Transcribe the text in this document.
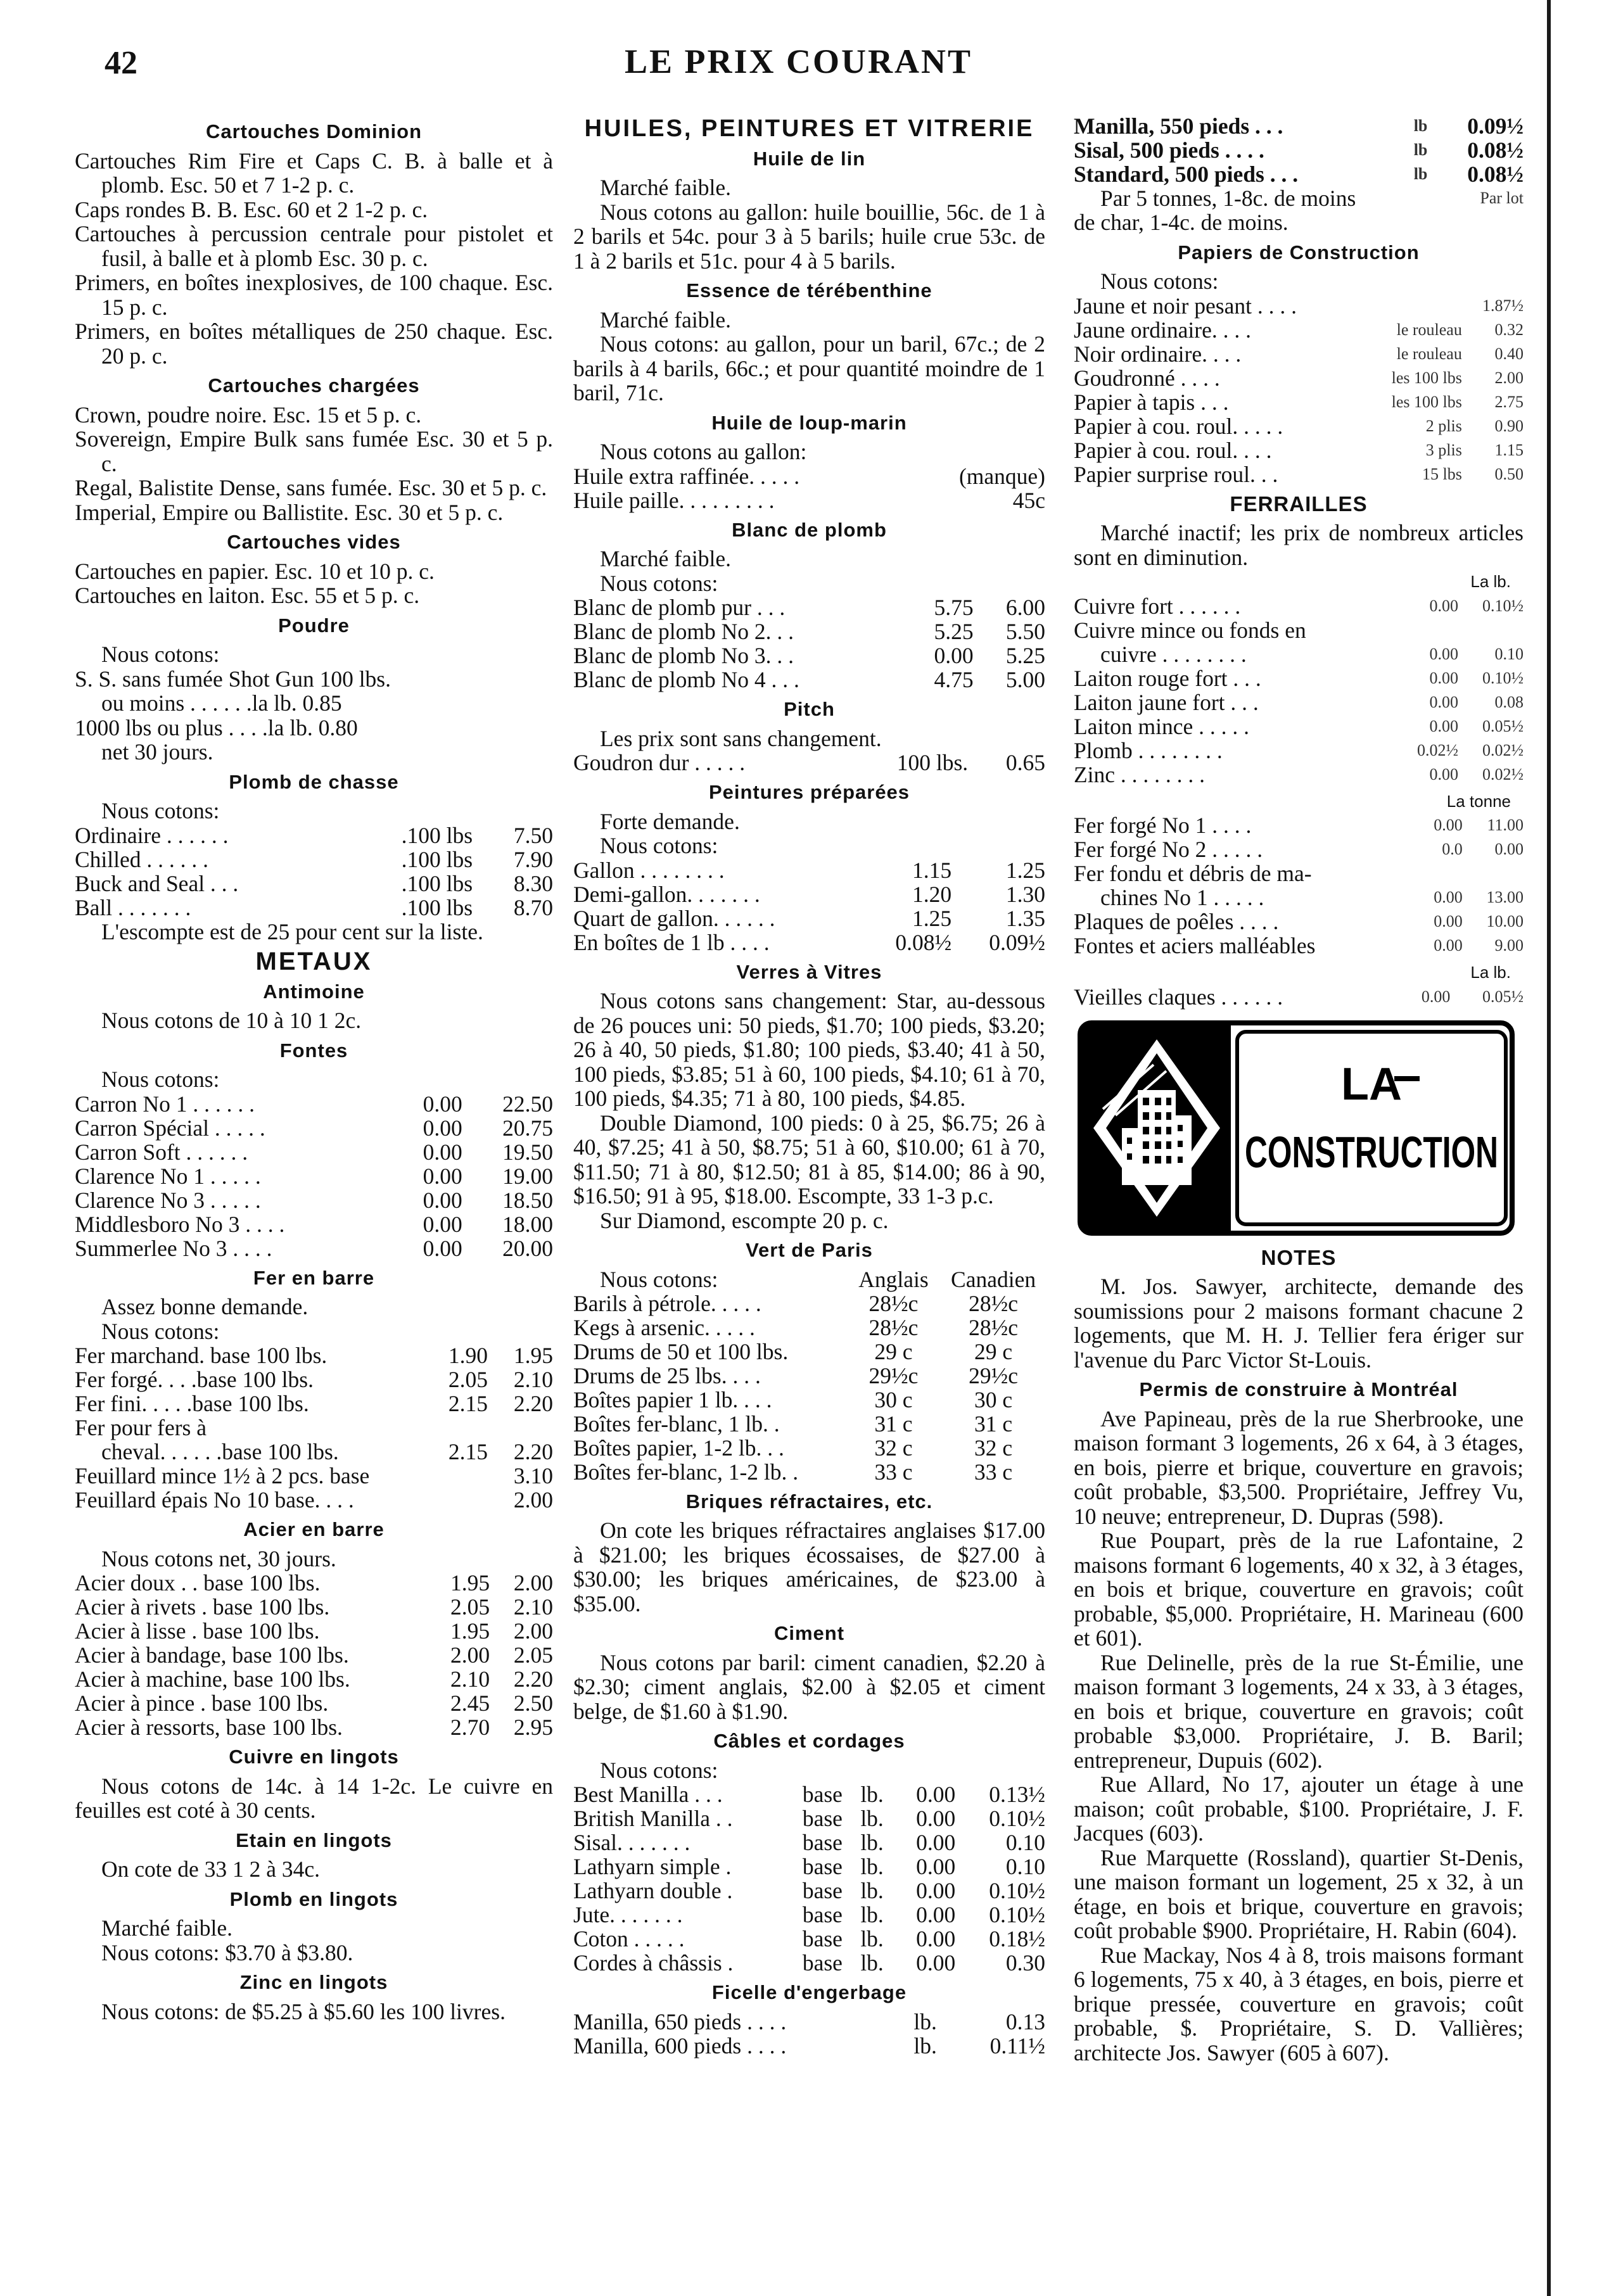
42	LE PRIX COURANT
Cartouches Dominion

Cartouches Rim Fire et Caps C. B. à balle et à plomb. Esc. 50 et 7 1-2 p. c.

Caps rondes B. B. Esc. 60 et 2 1-2 p. c.

Cartouches à percussion centrale pour pistolet et fusil, à balle et à plomb Esc. 30 p. c.

Primers, en boîtes inexplosives, de 100 chaque. Esc. 15 p. c.

Primers, en boîtes métalliques de 250 chaque. Esc. 20 p. c.

Cartouches chargées

Crown, poudre noire. Esc. 15 et 5 p. c.

Sovereign, Empire Bulk sans fumée Esc. 30 et 5 p. c.

Regal, Balistite Dense, sans fumée. Esc. 30 et 5 p. c.

Imperial, Empire ou Ballistite. Esc. 30 et 5 p. c.

Cartouches vides

Cartouches en papier. Esc. 10 et 10 p. c.

Cartouches en laiton. Esc. 55 et 5 p. c.

Poudre

Nous cotons:

S. S. sans fumée Shot Gun 100 lbs.

ou moins . . . . . .la lb. 0.85

1000 lbs ou plus . . . .la lb. 0.80

net 30 jours.

Plomb de chasse

Nous cotons:

Ordinaire . . . . . .	.100 lbs	7.50
Chilled . . . . . .	.100 lbs	7.90
Buck and Seal . . .	.100 lbs	8.30
Ball . . . . . . .	.100 lbs	8.70

L'escompte est de 25 pour cent sur la liste.

METAUX
Antimoine

Nous cotons de 10 à 10 1 2c.

Fontes

Nous cotons:

Carron No 1 . . . . . .	0.00	22.50
Carron Spécial . . . . .	0.00	20.75
Carron Soft . . . . . .	0.00	19.50
Clarence No 1 . . . . .	0.00	19.00
Clarence No 3 . . . . .	0.00	18.50
Middlesboro No 3 . . . .	0.00	18.00
Summerlee No 3 . . . .	0.00	20.00
Fer en barre

Assez bonne demande.

Nous cotons:

Fer marchand. base 100 lbs.	1.90	1.95
Fer forgé. . . .base 100 lbs.	2.05	2.10
Fer fini. . . . .base 100 lbs.	2.15	2.20
Fer pour fers à		
cheval. . . . . .base 100 lbs.	2.15	2.20
Feuillard mince 1½ à 2 pcs. base		3.10
Feuillard épais No 10 base. . . .		2.00
Acier en barre

Nous cotons net, 30 jours.

Acier doux . . base 100 lbs.	1.95	2.00
Acier à rivets . base 100 lbs.	2.05	2.10
Acier à lisse . base 100 lbs.	1.95	2.00
Acier à bandage, base 100 lbs.	2.00	2.05
Acier à machine, base 100 lbs.	2.10	2.20
Acier à pince . base 100 lbs.	2.45	2.50
Acier à ressorts, base 100 lbs.	2.70	2.95
Cuivre en lingots

Nous cotons de 14c. à 14 1-2c. Le cuivre en feuilles est coté à 30 cents.

Etain en lingots

On cote de 33 1 2 à 34c.

Plomb en lingots

Marché faible.

Nous cotons: $3.70 à $3.80.

Zinc en lingots

Nous cotons: de $5.25 à $5.60 les 100 livres.

HUILES, PEINTURES ET VITRERIE
Huile de lin

Marché faible.

Nous cotons au gallon: huile bouillie, 56c. de 1 à 2 barils et 54c. pour 3 à 5 barils; huile crue 53c. de 1 à 2 barils et 51c. pour 4 à 5 barils.

Essence de térébenthine

Marché faible.

Nous cotons: au gallon, pour un baril, 67c.; de 2 barils à 4 barils, 66c.; et pour quantité moindre de 1 baril, 71c.

Huile de loup-marin

Nous cotons au gallon:

Huile extra raffinée. . . . .	(manque)
Huile paille. . . . . . . . .	45c
Blanc de plomb

Marché faible.

Nous cotons:

Blanc de plomb pur . . .	5.75	6.00
Blanc de plomb No 2. . .	5.25	5.50
Blanc de plomb No 3. . .	0.00	5.25
Blanc de plomb No 4 . . .	4.75	5.00
Pitch

Les prix sont sans changement.

Goudron dur . . . . .	100 lbs.	0.65
Peintures préparées

Forte demande.

Nous cotons:

Gallon . . . . . . . .	1.15	1.25
Demi-gallon. . . . . . .	1.20	1.30
Quart de gallon. . . . . .	1.25	1.35
En boîtes de 1 lb . . . .	0.08½	0.09½
Verres à Vitres

Nous cotons sans changement: Star, au-dessous de 26 pouces uni: 50 pieds, $1.70; 100 pieds, $3.20; 26 à 40, 50 pieds, $1.80; 100 pieds, $3.40; 41 à 50, 100 pieds, $3.85; 51 à 60, 100 pieds, $4.10; 61 à 70, 100 pieds, $4.35; 71 à 80, 100 pieds, $4.85.

Double Diamond, 100 pieds: 0 à 25, $6.75; 26 à 40, $7.25; 41 à 50, $8.75; 51 à 60, $10.00; 61 à 70, $11.50; 71 à 80, $12.50; 81 à 85, $14.00; 86 à 90, $16.50; 91 à 95, $18.00. Escompte, 33 1-3 p.c.

Sur Diamond, escompte 20 p. c.

Vert de Paris
Nous cotons:	Anglais	Canadien
Barils à pétrole. . . . .	28½c	28½c
Kegs à arsenic. . . . .	28½c	28½c
Drums de 50 et 100 lbs.	29 c	29 c
Drums de 25 lbs. . . .	29½c	29½c
Boîtes papier 1 lb. . . .	30 c	30 c
Boîtes fer-blanc, 1 lb. .	31 c	31 c
Boîtes papier, 1-2 lb. . .	32 c	32 c
Boîtes fer-blanc, 1-2 lb. .	33 c	33 c
Briques réfractaires, etc.

On cote les briques réfractaires anglaises $17.00 à $21.00; les briques écossaises, de $27.00 à $30.00; les briques américaines, de $23.00 à $35.00.

Ciment

Nous cotons par baril: ciment canadien, $2.20 à $2.30; ciment anglais, $2.00 à $2.05 et ciment belge, de $1.60 à $1.90.

Câbles et cordages

Nous cotons:

Best Manilla . . .	base	lb.	0.00	0.13½
British Manilla . .	base	lb.	0.00	0.10½
Sisal. . . . . . .	base	lb.	0.00	0.10
Lathyarn simple .	base	lb.	0.00	0.10
Lathyarn double .	base	lb.	0.00	0.10½
Jute. . . . . . .	base	lb.	0.00	0.10½
Coton . . . . .	base	lb.	0.00	0.18½
Cordes à châssis .	base	lb.	0.00	0.30
Ficelle d'engerbage
Manilla, 650 pieds . . . .	lb.	0.13
Manilla, 600 pieds . . . .	lb.	0.11½
Manilla, 550 pieds . . .	lb	0.09½
Sisal, 500 pieds . . . .	lb	0.08½
Standard, 500 pieds . . .	lb	0.08½
Par 5 tonnes, 1-8c. de moins	Par lot

de char, 1-4c. de moins.

Papiers de Construction

Nous cotons:

Jaune et noir pesant . . . .		1.87½
Jaune ordinaire. . . .	le rouleau	0.32
Noir ordinaire. . . .	le rouleau	0.40
Goudronné . . . .	les 100 lbs	2.00
Papier à tapis . . .	les 100 lbs	2.75
Papier à cou. roul. . . . .	2 plis	0.90
Papier à cou. roul. . . .	3 plis	1.15
Papier surprise roul. . .	15 lbs	0.50
FERRAILLES

Marché inactif; les prix de nombreux articles sont en diminution.

La lb.

Cuivre fort . . . . . .	0.00	0.10½
Cuivre mince ou fonds en		
cuivre . . . . . . . .	0.00	0.10
Laiton rouge fort . . .	0.00	0.10½
Laiton jaune fort . . .	0.00	0.08
Laiton mince . . . . .	0.00	0.05½
Plomb . . . . . . . .	0.02½	0.02½
Zinc . . . . . . . .	0.00	0.02½

La tonne

Fer forgé No 1 . . . .	0.00	11.00
Fer forgé No 2 . . . . .	0.0	0.00
Fer fondu et débris de ma-		
chines No 1 . . . . .	0.00	13.00
Plaques de poêles . . . .	0.00	10.00
Fontes et aciers malléables	0.00	9.00

La lb.

Vieilles claques . . . . . .	0.00	0.05½
LA
CONSTRUCTION
NOTES

M. Jos. Sawyer, architecte, demande des soumissions pour 2 maisons formant chacune 2 logements, que M. H. J. Tellier fera ériger sur l'avenue du Parc Victor St-Louis.

Permis de construire à Montréal

Ave Papineau, près de la rue Sherbrooke, une maison formant 3 logements, 26 x 64, à 3 étages, en bois, pierre et brique, couverture en gravois; coût probable, $3,500. Propriétaire, Jeffrey Vu, 10 neuve; entrepreneur, D. Dupras (598).

Rue Poupart, près de la rue Lafontaine, 2 maisons formant 6 logements, 40 x 32, à 3 étages, en bois et brique, couverture en gravois; coût probable, $5,000. Propriétaire, H. Marineau (600 et 601).

Rue Delinelle, près de la rue St-Émilie, une maison formant 3 logements, 24 x 33, à 3 étages, en bois et brique, couverture en gravois; coût probable $3,000. Propriétaire, J. B. Baril; entrepreneur, Dupuis (602).

Rue Allard, No 17, ajouter un étage à une maison; coût probable, $100. Propriétaire, J. F. Jacques (603).

Rue Marquette (Rossland), quartier St-Denis, une maison formant un logement, 25 x 32, à un étage, en bois et brique, couverture en gravois; coût probable $900. Propriétaire, H. Rabin (604).

Rue Mackay, Nos 4 à 8, trois maisons formant 6 logements, 75 x 40, à 3 étages, en bois, pierre et brique pressée, couverture en gravois; coût probable, $. Propriétaire, S. D. Vallières; architecte Jos. Sawyer (605 à 607).
